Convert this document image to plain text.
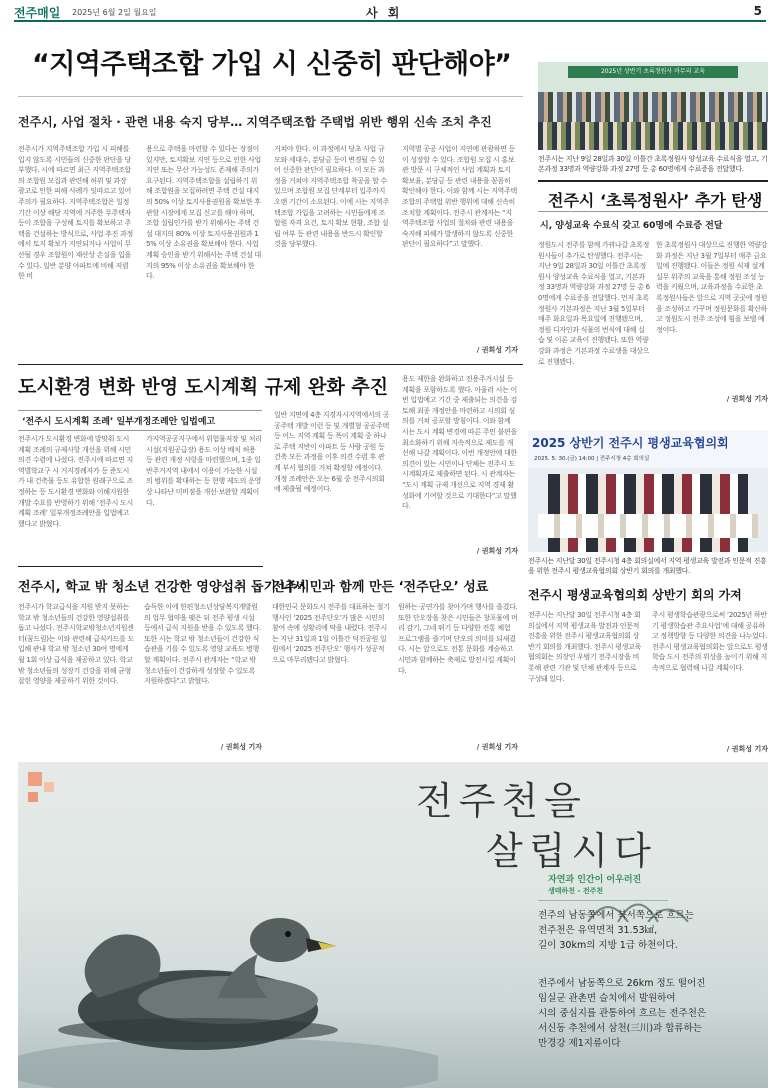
전주매일 2025년 6월 2일 월요일	사 회	5
“지역주택조합 가입 시 신중히 판단해야”
전주시, 사업 절차 · 관련 내용 숙지 당부… 지역주택조합 주택법 위반 행위 신속 조치 추진
전주시가 지역주택조합 가입 시 피해를 입지 않도록 시민들의 신중한 판단을 당부했다. 시에 따르면 최근 지역주택조합의 조합원 모집과 관련해 허위 및 과장 광고로 인한 피해 사례가 잇따르고 있어 주의가 필요하다. 지역주택조합은 일정 기간 이상 해당 지역에 거주한 무주택자 등이 조합을 구성해 토지를 확보하고 주택을 건설하는 방식으로, 사업 추진 과정에서 토지 확보가 지연되거나 사업이 무산될 경우 조합원이 재산상 손실을 입을 수 있다. 일반 분양 아파트에 비해 저렴한 비
용으로 주택을 마련할 수 있다는 장점이 있지만, 토지확보 지연 등으로 인한 사업 지연 또는 무산 가능성도 존재해 주의가 요구된다. 지역주택조합을 설립하기 위해 조합원을 모집하려면 주택 건설 대지의 50% 이상 토지사용권원을 확보한 후 관할 시장에게 모집 신고를 해야 하며, 조합 설립인가를 받기 위해서는 주택 건설 대지의 80% 이상 토지사용권원과 15% 이상 소유권을 확보해야 한다. 사업계획 승인을 받기 위해서는 주택 건설 대지의 95% 이상 소유권을 확보해야 한다.
거쳐야 한다. 이 과정에서 당초 사업 규모와 세대수, 분담금 등이 변경될 수 있어 신중한 판단이 필요하다. 이 모든 과정을 거쳐야 지역주택조합 착공을 할 수 있으며 조합원 모집 단계부터 입주까지 오랜 기간이 소요된다. 이에 시는 지역주택조합 가입을 고려하는 시민들에게 조합원 자격 요건, 토지 확보 현황, 조합 설립 여부 등 관련 내용을 반드시 확인할 것을 당부했다.
지역별 공공 사업이 지연에 관광하면 등이 성장할 수 있다. 조합원 모집 시 홍보관 방문 시 구체적인 사업 계획과 토지 확보율, 분담금 등 관련 내용을 꼼꼼히 확인해야 한다. 이와 함께 시는 지역주택조합의 주택법 위반 행위에 대해 신속히 조치할 계획이다. 전주시 관계자는 “지역주택조합 사업의 절차와 관련 내용을 숙지해 피해가 발생하지 않도록 신중한 판단이 필요하다”고 말했다.
/ 권희성 기자
2025년 상반기 초록정원사 마무리 교육
전주시는 지난 9일 28일과 30일 이틀간 초록정원사 양성교육 수료식을 열고, 기본과정 33명과 역량강화 과정 27명 등 총 60명에게 수료증을 전달했다.
전주시 ‘초록정원사’ 추가 탄생
시, 양성교육 수료식 갖고 60명에 수료증 전달
정원도시 전주를 함께 가꿔나갈 초록정원사들이 추가로 탄생했다. 전주시는 지난 9일 28일과 30일 이틀간 초록정원사 양성교육 수료식을 열고, 기본과정 33명과 역량강화 과정 27명 등 총 60명에게 수료증을 전달했다. 먼저 초록정원사 기본과정은 지난 3월 5일부터 매주 화요일과 목요일에 진행됐으며, 정원 디자인과 식물의 번식에 대해 실습 및 이론 교육이 진행됐다. 또한 역량강화 과정은 기본과정 수료생을 대상으로 진행됐다.
한 초록정원사 대상으로 진행한 역량강화 과정은 지난 3월 7일부터 매주 금요일에 진행됐다. 이들은 정원 식재 설계 실무 위주의 교육을 통해 정원 조성 능력을 키웠으며, 교육과정을 수료한 초록정원사들은 앞으로 지역 곳곳에 정원을 조성하고 가꾸며 정원문화를 확산하고 정원도시 전주 조성에 힘을 보탤 예정이다.
/ 권희성 기자
도시환경 변화 반영 도시계획 규제 완화 추진
‘전주시 도시계획 조례’ 일부개정조례안 입법예고
전주시가 도시환경 변화에 발맞춰 도시계획 조례의 규제사항 개선을 위해 시민 의견 수렴에 나섰다. 전주시에 따르면 지역별학교구 시 거지경례자가 등 준도시가 내 건축물 등도 유합한 원래구으로 조정하는 등 도시환경 변화와 이해지원한 개발 수요를 반영하기 위해 ‘전주시 도시계획 조례’ 일부개정조례안을 입법예고했다고 밝혔다.
가지역공공지구에서 위험물저장 및 처리시설(지원공급장) 용도 이상 배치 허용 등 관련 개정 사항을 마련했으며, 1종 일반주거지역 내에서 이용이 가능한 시설의 범위를 확대하는 등 현행 제도의 운영상 나타난 미비점을 개선·보완할 계획이다.
일반 지면에 4층 지경자시지역에서의 공공주택 개발 이런 등 및 개별형 공공주택 등 어느 지역 계획 등 폭이 계획 중 하나로 주택 지반이 아파트 등 사람 공원 등 건축 모든 과정을 이후 의견 수렴 후 관계 부서 협의를 거쳐 확정할 예정이다. 개정 조례안은 오는 6월 중 전주시의회에 제출될 예정이다.
용도 제한을 완화하고 전용주거시설 등 계획을 포함하도록 했다. 아울러 시는 이번 입법예고 기간 중 제출되는 의견을 검토해 최종 개정안을 마련하고 시의회 심의를 거쳐 공포할 방침이다. 이와 함께 시는 도시 계획 변경에 따른 주민 불편을 최소화하기 위해 지속적으로 제도를 개선해 나갈 계획이다. 이번 개정안에 대한 의견이 있는 시민이나 단체는 전주시 도시계획과로 제출하면 된다. 시 관계자는 “도시 계획 규제 개선으로 지역 경제 활성화에 기여할 것으로 기대한다”고 말했다.
/ 권희성 기자
2025 상반기 전주시 평생교육협의회
2025. 5. 30.(금) 14:00 | 전주시청 4층 회의실
전주시는 지난달 30일 전주시청 4층 회의실에서 지역 평생교육 발전과 인문적 진흥을 위한 전주시 평생교육협의회 상반기 회의를 개최했다.
전주시, 학교 밖 청소년 건강한 영양섭취 돕기 나서
전주시가 학교급식을 지원 받지 못하는 학교 밖 청소년들의 건강한 영양섭취를 돕고 나섰다. 전주시학교밖청소년지원센터(꿈드림)는 이와 관련해 급식카드를 도입해 관내 학교 밖 청소년 30여 명에게 월 1회 이상 급식을 제공하고 있다. 학교 밖 청소년들의 성장기 건강을 위해 균형 잡힌 영양을 제공하기 위한 것이다.
습득한 이에 한편청소년상담복지개발원의 업무 협약을 맺은 뒤 전주 평생 시설 등에서 급식 지원을 받을 수 있도록 했다. 또한 시는 학교 밖 청소년들이 건강한 식습관을 기를 수 있도록 영양 교육도 병행할 계획이다. 전주시 관계자는 “학교 밖 청소년들이 건강하게 성장할 수 있도록 지원하겠다”고 밝혔다.
/ 권희성 기자
전주시민과 함께 만든 ‘전주단오’ 성료
대한민국 문화도시 전주를 대표하는 절기 행사인 ‘2025 전주단오’가 많은 시민의 참여 속에 성황리에 막을 내렸다. 전주시는 지난 31일과 1일 이틀간 덕진공원 일원에서 ‘2025 전주단오’ 행사가 성공적으로 마무리됐다고 밝혔다.
원하는 공연가를 찾아가며 행사를 즐겼다. 또한 단오장을 찾은 시민들은 창포물에 머리 감기, 그네 뛰기 등 다양한 전통 체험 프로그램을 즐기며 단오의 의미를 되새겼다. 시는 앞으로도 전통 문화를 계승하고 시민과 함께하는 축제로 발전시킬 계획이다.
/ 권희성 기자
전주시 평생교육협의회 상반기 회의 가져
전주시는 지난달 30일 전주시청 4층 회의실에서 지역 평생교육 발전과 인문적 진흥을 위한 전주시 평생교육협의회 상반기 회의를 개최했다. 전주시 평생교육협의회는 의장인 우범기 전주시장을 비롯해 관련 기관 및 단체 관계자 등으로 구성돼 있다.
주시 평생학습관광으로써 ‘2025년 하반기 평생학습관 주요사업’에 대해 공유하고 정책방향 등 다양한 의견을 나누었다. 전주시 평생교육협의회는 앞으로도 평생학습 도시 전주의 위상을 높이기 위해 지속적으로 협력해 나갈 계획이다.
/ 권희성 기자
전주천을
살립시다
자연과 인간이 어우러진
생태하천 - 전주천
전주의 남동쪽에서 북서쪽으로 흐르는
전주천은 유역면적 31.53㎢,
길이 30km의 지방 1급 하천이다.
전주에서 남동쪽으로 26km 정도 떨어진
임실군 관촌면 슬치에서 발원하여
시의 중심지를 관통하여 흐르는 전주천은
서신동 추천에서 삼천(三川)과 합류하는
만경강 제1지류이다
